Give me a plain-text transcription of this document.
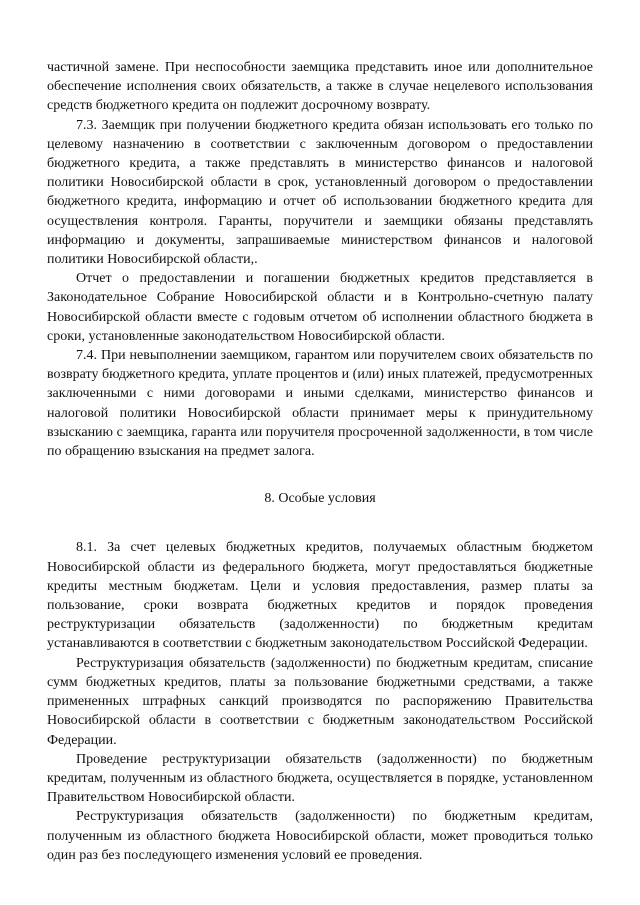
частичной замене. При неспособности заемщика представить иное или дополнительное обеспечение исполнения своих обязательств, а также в случае нецелевого использования средств бюджетного кредита он подлежит досрочному возврату.

7.3. Заемщик при получении бюджетного кредита обязан использовать его только по целевому назначению в соответствии с заключенным договором о предоставлении бюджетного кредита, а также представлять в министерство финансов и налоговой политики Новосибирской области в срок, установленный договором о предоставлении бюджетного кредита, информацию и отчет об использовании бюджетного кредита для осуществления контроля. Гаранты, поручители и заемщики обязаны представлять информацию и документы, запрашиваемые министерством финансов и налоговой политики Новосибирской области,.

Отчет о предоставлении и погашении бюджетных кредитов представляется в Законодательное Собрание Новосибирской области и в Контрольно-счетную палату Новосибирской области вместе с годовым отчетом об исполнении областного бюджета в сроки, установленные законодательством Новосибирской области.

7.4. При невыполнении заемщиком, гарантом или поручителем своих обязательств по возврату бюджетного кредита, уплате процентов и (или) иных платежей, предусмотренных заключенными с ними договорами и иными сделками, министерство финансов и налоговой политики Новосибирской области принимает меры к принудительному взысканию с заемщика, гаранта или поручителя просроченной задолженности, в том числе по обращению взыскания на предмет залога.

8. Особые условия

8.1. За счет целевых бюджетных кредитов, получаемых областным бюджетом Новосибирской области из федерального бюджета, могут предоставляться бюджетные кредиты местным бюджетам. Цели и условия предоставления, размер платы за пользование, сроки возврата бюджетных кредитов и порядок проведения реструктуризации обязательств (задолженности) по бюджетным кредитам устанавливаются в соответствии с бюджетным законодательством Российской Федерации.

Реструктуризация обязательств (задолженности) по бюджетным кредитам, списание сумм бюджетных кредитов, платы за пользование бюджетными средствами, а также примененных штрафных санкций производятся по распоряжению Правительства Новосибирской области в соответствии с бюджетным законодательством Российской Федерации.

Проведение реструктуризации обязательств (задолженности) по бюджетным кредитам, полученным из областного бюджета, осуществляется в порядке, установленном Правительством Новосибирской области.

Реструктуризация обязательств (задолженности) по бюджетным кредитам, полученным из областного бюджета Новосибирской области, может проводиться только один раз без последующего изменения условий ее проведения.
